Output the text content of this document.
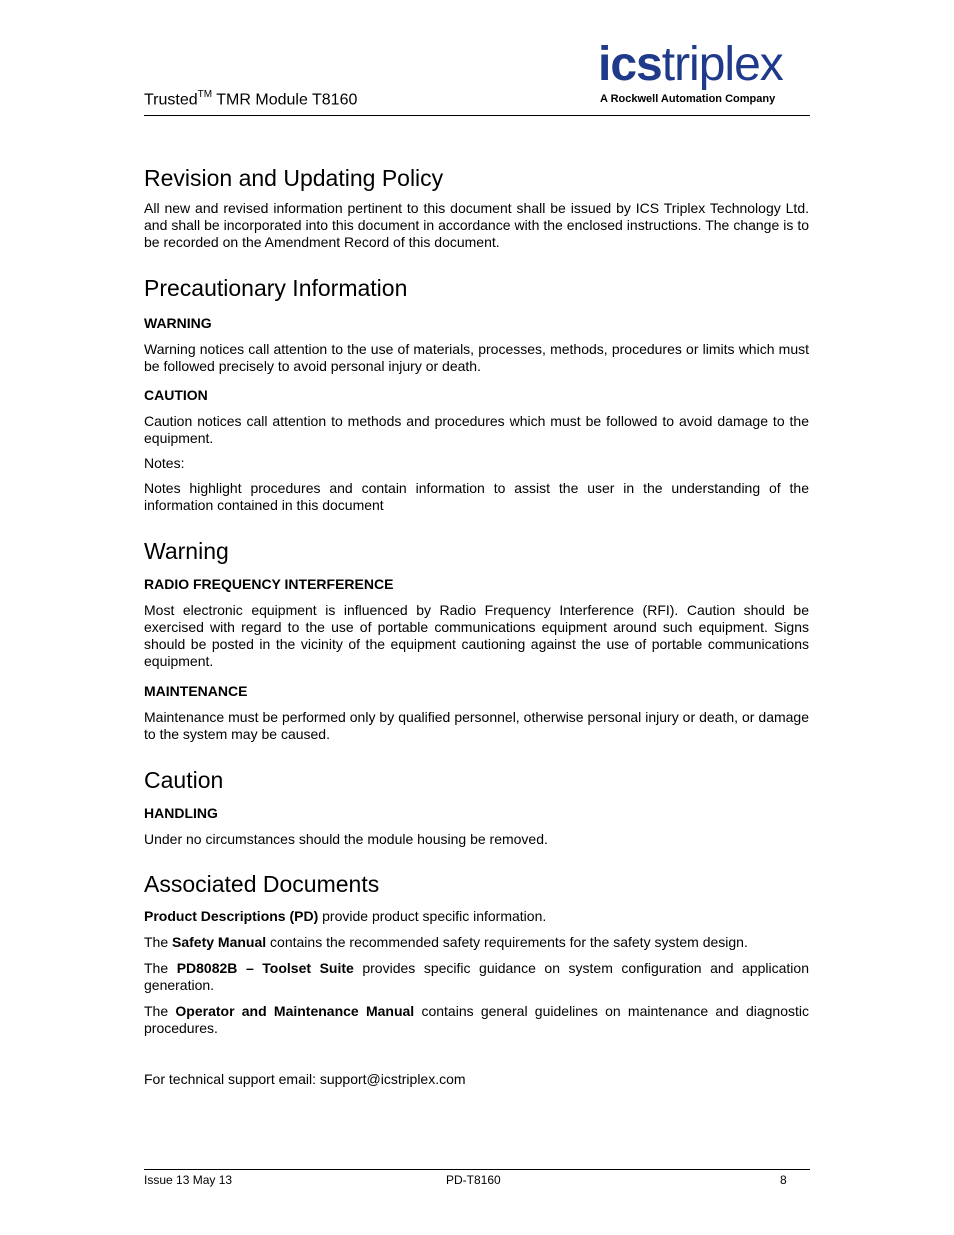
Trusted™ TMR Module T8160
icstriplex
A Rockwell Automation Company
Revision and Updating Policy

All new and revised information pertinent to this document shall be issued by ICS Triplex Technology Ltd. and shall be incorporated into this document in accordance with the enclosed instructions. The change is to be recorded on the Amendment Record of this document.

Precautionary Information
WARNING

Warning notices call attention to the use of materials, processes, methods, procedures or limits which must be followed precisely to avoid personal injury or death.

CAUTION

Caution notices call attention to methods and procedures which must be followed to avoid damage to the equipment.

Notes:

Notes highlight procedures and contain information to assist the user in the understanding of the information contained in this document

Warning
RADIO FREQUENCY INTERFERENCE

Most electronic equipment is influenced by Radio Frequency Interference (RFI). Caution should be exercised with regard to the use of portable communications equipment around such equipment. Signs should be posted in the vicinity of the equipment cautioning against the use of portable communications equipment.

MAINTENANCE

Maintenance must be performed only by qualified personnel, otherwise personal injury or death, or damage to the system may be caused.

Caution
HANDLING

Under no circumstances should the module housing be removed.

Associated Documents

Product Descriptions (PD) provide product specific information.

The Safety Manual contains the recommended safety requirements for the safety system design.

The PD8082B – Toolset Suite provides specific guidance on system configuration and application generation.

The Operator and Maintenance Manual contains general guidelines on maintenance and diagnostic procedures.

For technical support email: support@icstriplex.com

Issue 13 May 13	PD-T8160	8
